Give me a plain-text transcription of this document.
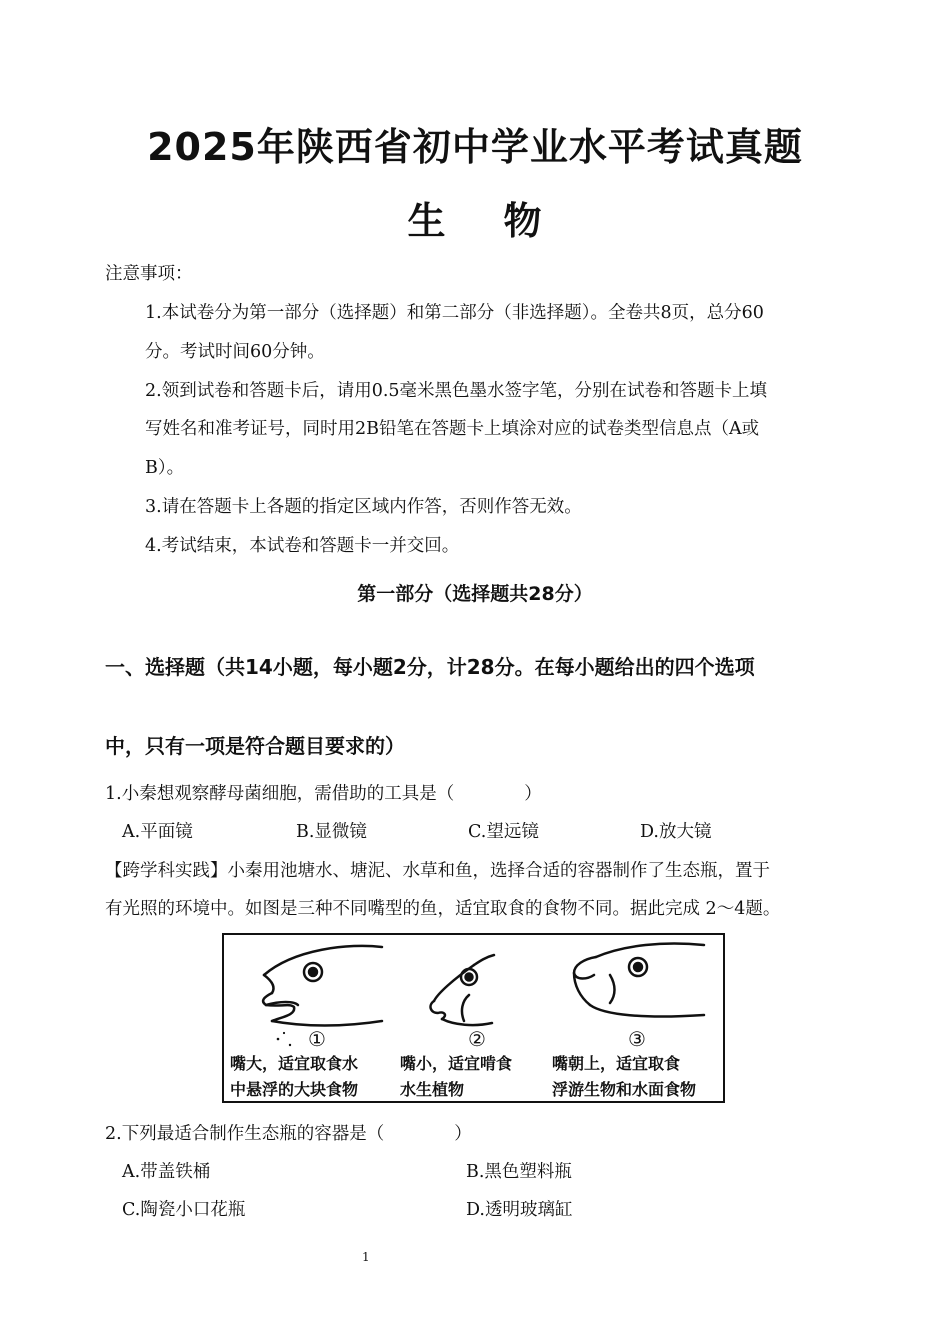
2025年陕西省初中学业水平考试真题
生 物
注意事项：
1.本试卷分为第一部分（选择题）和第二部分（非选择题）。全卷共8页，总分60
分。考试时间60分钟。
2.领到试卷和答题卡后，请用0.5毫米黑色墨水签字笔，分别在试卷和答题卡上填
写姓名和准考证号，同时用2B铅笔在答题卡上填涂对应的试卷类型信息点（A或
B）。
3.请在答题卡上各题的指定区域内作答，否则作答无效。
4.考试结束，本试卷和答题卡一并交回。
第一部分（选择题共28分）
一、选择题（共14小题，每小题2分，计28分。在每小题给出的四个选项
中，只有一项是符合题目要求的）
1.小秦想观察酵母菌细胞，需借助的工具是（　　　　）
A.平面镜	B.显微镜	C.望远镜	D.放大镜
【跨学科实践】小秦用池塘水、塘泥、水草和鱼，选择合适的容器制作了生态瓶，置于
有光照的环境中。如图是三种不同嘴型的鱼，适宜取食的食物不同。据此完成 2～4题。
①	②	③
嘴大，适宜取食水
中悬浮的大块食物
嘴小，适宜啃食
水生植物
嘴朝上，适宜取食
浮游生物和水面食物
2.下列最适合制作生态瓶的容器是（　　　　）
A.带盖铁桶	B.黑色塑料瓶
C.陶瓷小口花瓶	D.透明玻璃缸
1
